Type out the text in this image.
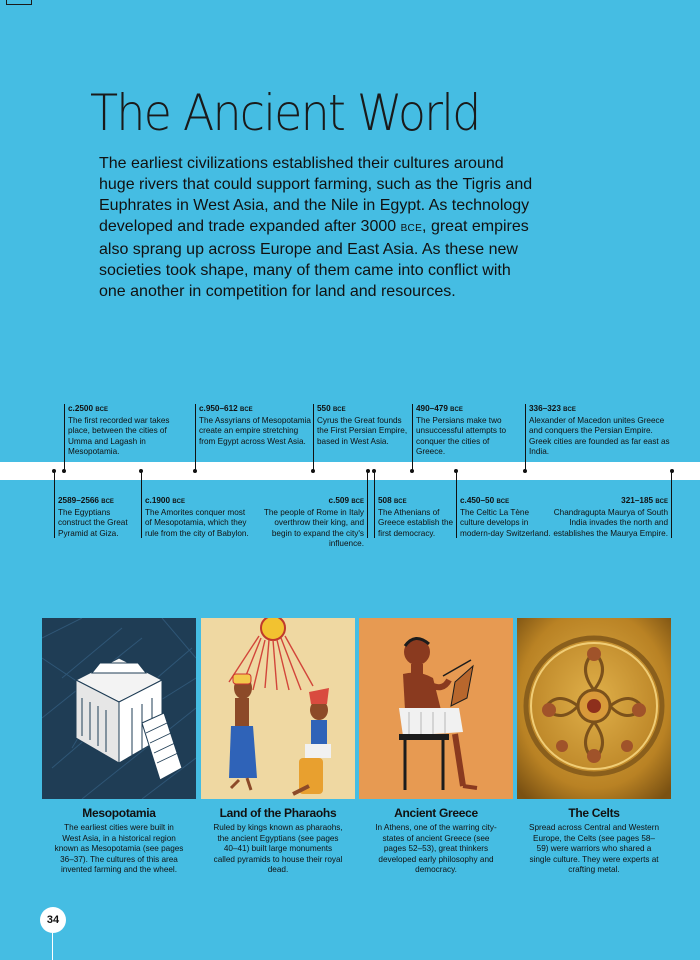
The Ancient World

The earliest civilizations established their cultures around huge rivers that could support farming, such as the Tigris and Euphrates in West Asia, and the Nile in Egypt. As technology developed and trade expanded after 3000 BCE, great empires also sprang up across Europe and East Asia. As these new societies took shape, many of them came into conflict with one another in competition for land and resources.

c.2500 BCE
The first recorded war takes place, between the cities of Umma and Lagash in Mesopotamia.
c.950–612 BCE
The Assyrians of Mesopotamia create an empire stretching from Egypt across West Asia.
550 BCE
Cyrus the Great founds the First Persian Empire, based in West Asia.
490–479 BCE
The Persians make two unsuccessful attempts to conquer the cities of Greece.
336–323 BCE
Alexander of Macedon unites Greece and conquers the Persian Empire. Greek cities are founded as far east as India.
2589–2566 BCE
The Egyptians construct the Great Pyramid at Giza.
c.1900 BCE
The Amorites conquer most of Mesopotamia, which they rule from the city of Babylon.
c.509 BCE
The people of Rome in Italy overthrow their king, and begin to expand the city's influence.
508 BCE
The Athenians of Greece establish the first democracy.
c.450–50 BCE
The Celtic La Tène culture develops in modern-day Switzerland.
321–185 BCE
Chandragupta Maurya of South India invades the north and establishes the Maurya Empire.
Mesopotamia
The earliest cities were built in West Asia, in a historical region known as Mesopotamia (see pages 36–37). The cultures of this area invented farming and the wheel.
Land of the Pharaohs
Ruled by kings known as pharaohs, the ancient Egyptians (see pages 40–41) built large monuments called pyramids to house their royal dead.
Ancient Greece
In Athens, one of the warring city-states of ancient Greece (see pages 52–53), great thinkers developed early philosophy and democracy.
The Celts
Spread across Central and Western Europe, the Celts (see pages 58–59) were warriors who shared a single culture. They were experts at crafting metal.
34
